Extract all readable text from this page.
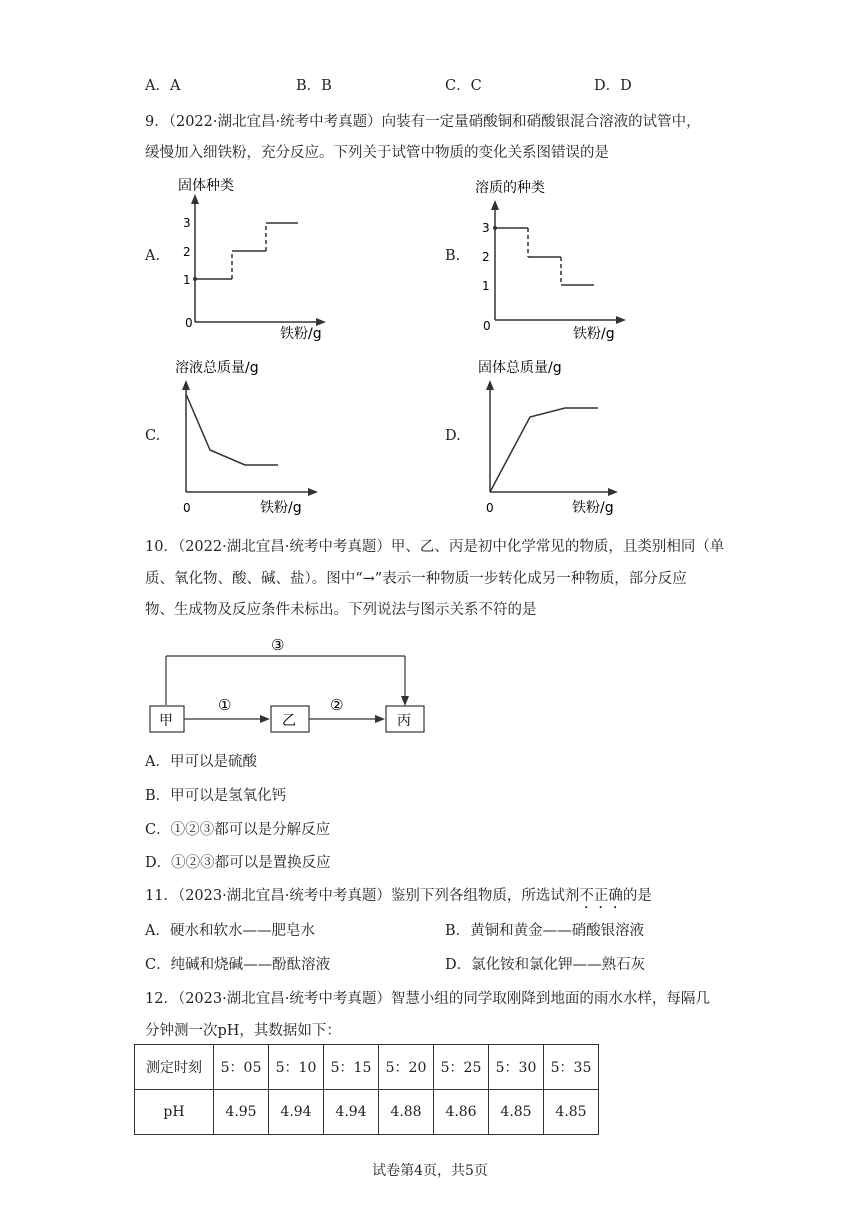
A．A	B．B	C．C	D．D
9．（2022·湖北宜昌·统考中考真题）向装有一定量硝酸铜和硝酸银混合溶液的试管中，
缓慢加入细铁粉，充分反应。下列关于试管中物质的变化关系图错误的是
A.
固体种类
1
2
3
0
铁粉/g
B.
溶质的种类
1
2
3
0	铁粉/g
C.
溶液总质量/g
0	铁粉/g
D.
固体总质量/g
0	铁粉/g
10．（2022·湖北宜昌·统考中考真题）甲、乙、丙是初中化学常见的物质，且类别相同（单
质、氧化物、酸、碱、盐）。图中“→”表示一种物质一步转化成另一种物质，部分反应
物、生成物及反应条件未标出。下列说法与图示关系不符的是
③
甲
①
乙
②
丙
A．甲可以是硫酸
B．甲可以是氢氧化钙
C．①②③都可以是分解反应
D．①②③都可以是置换反应
11．（2023·湖北宜昌·统考中考真题）鉴别下列各组物质，所选试剂不正确的是
A．硬水和软水——肥皂水	B．黄铜和黄金——硝酸银溶液
C．纯碱和烧碱——酚酞溶液	D．氯化铵和氯化钾——熟石灰
12．（2023·湖北宜昌·统考中考真题）智慧小组的同学取刚降到地面的雨水水样，每隔几
分钟测一次pH，其数据如下：
测定时刻	5：05	5：10	5：15	5：20	5：25	5：30	5：35
pH	4.95	4.94	4.94	4.88	4.86	4.85	4.85
试卷第4页，共5页
